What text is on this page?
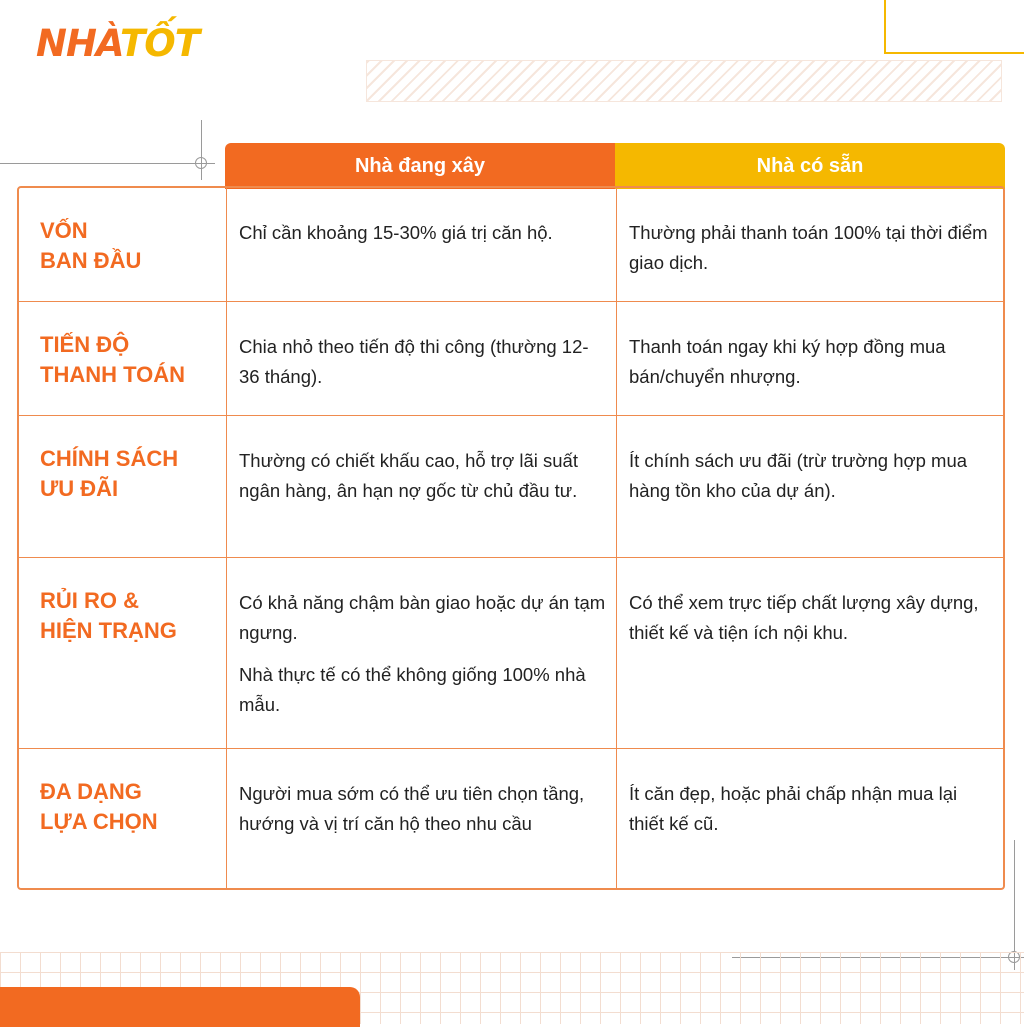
NHÀTỐT
Nhà đang xây	Nhà có sẵn
VỐN
BAN ĐẦU

Chỉ cần khoảng 15-30% giá trị căn hộ.	Thường phải thanh toán 100% tại thời điểm giao dịch.

TIẾN ĐỘ
THANH TOÁN

Chia nhỏ theo tiến độ thi công (thường 12-36 tháng).

Thanh toán ngay khi ký hợp đồng mua bán/chuyển nhượng.

CHÍNH SÁCH
ƯU ĐÃI

Thường có chiết khấu cao, hỗ trợ lãi suất ngân hàng, ân hạn nợ gốc từ chủ đầu tư.

Ít chính sách ưu đãi (trừ trường hợp mua hàng tồn kho của dự án).

RỦI RO &
HIỆN TRẠNG

Có khả năng chậm bàn giao hoặc dự án tạm ngưng.

Nhà thực tế có thể không giống 100% nhà mẫu.

Có thể xem trực tiếp chất lượng xây dựng, thiết kế và tiện ích nội khu.

ĐA DẠNG
LỰA CHỌN

Người mua sớm có thể ưu tiên chọn tầng, hướng và vị trí căn hộ theo nhu cầu

Ít căn đẹp, hoặc phải chấp nhận mua lại thiết kế cũ.
